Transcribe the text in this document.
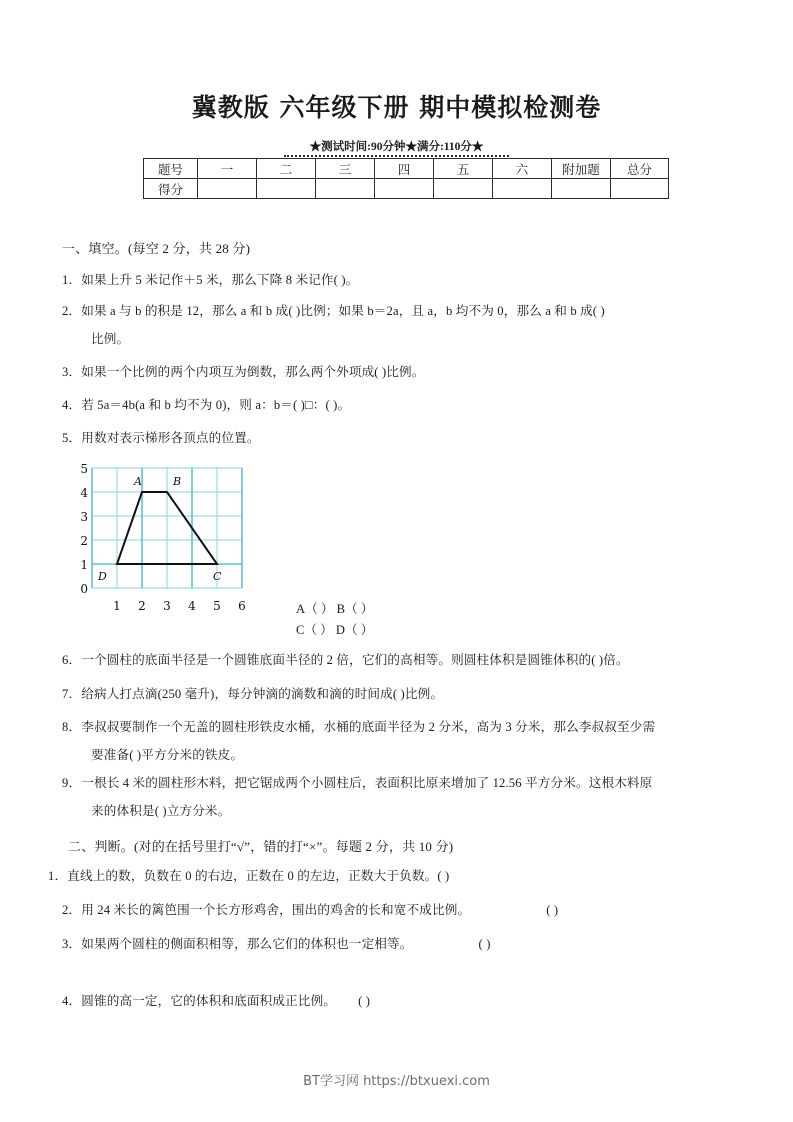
冀教版 六年级下册 期中模拟检测卷
★测试时间:90分钟★满分:110分★
题号	一	二	三	四	五	六	附加题	总分
得分								
一、填空。(每空 2 分，共 28 分)
1．如果上升 5 米记作＋5 米，那么下降 8 米记作( )。
2．如果 a 与 b 的积是 12，那么 a 和 b 成( )比例；如果 b＝2a，且 a，b 均不为 0，那么 a 和 b 成( )
比例。
3．如果一个比例的两个内项互为倒数，那么两个外项成( )比例。
4．若 5a＝4b(a 和 b 均不为 0)，则 a：b＝( )□：( )。
5．用数对表示梯形各顶点的位置。
A	B
C
D
5
4
3
2
1
0
1 2 3 4 5 6	A（ ） B（ ）
C（ ） D（ ）
6．一个圆柱的底面半径是一个圆锥底面半径的 2 倍，它们的高相等。则圆柱体积是圆锥体积的( )倍。
7．给病人打点滴(250 毫升)，每分钟滴的滴数和滴的时间成( )比例。
8．李叔叔要制作一个无盖的圆柱形铁皮水桶，水桶的底面半径为 2 分米，高为 3 分米，那么李叔叔至少需
要准备( )平方分米的铁皮。
9．一根长 4 米的圆柱形木料，把它锯成两个小圆柱后，表面积比原来增加了 12.56 平方分米。这根木料原
来的体积是( )立方分米。
二、判断。(对的在括号里打“√”，错的打“×”。每题 2 分，共 10 分)
1．直线上的数，负数在 0 的右边，正数在 0 的左边，正数大于负数。( )
2．用 24 米长的篱笆围一个长方形鸡舍，围出的鸡舍的长和宽不成比例。	( )
3．如果两个圆柱的侧面积相等，那么它们的体积也一定相等。	( )
4．圆锥的高一定，它的体积和底面积成正比例。 ( )
BT学习网 https://btxuexi.com
